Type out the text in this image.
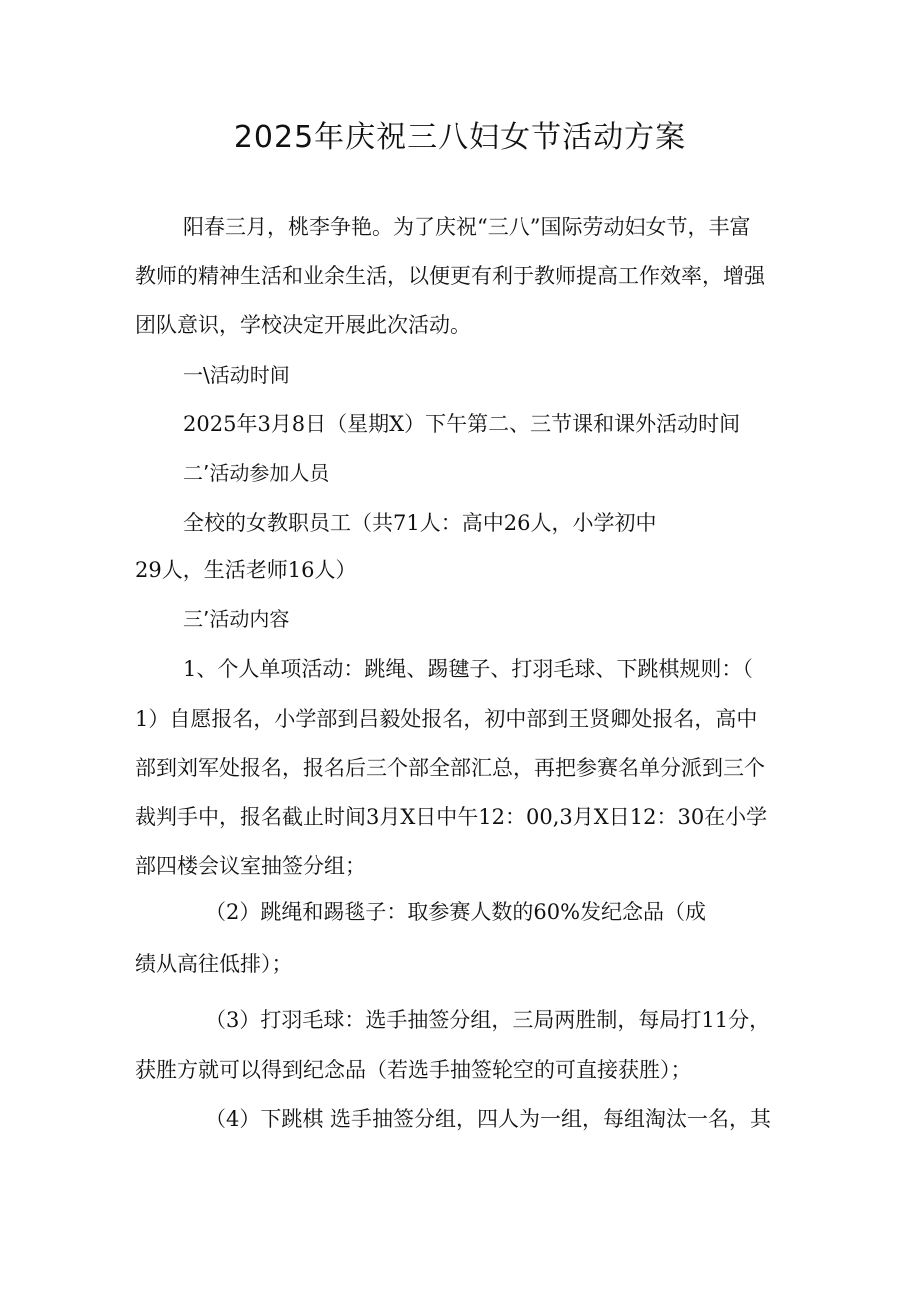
2025年庆祝三八妇女节活动方案

阳春三月，桃李争艳。为了庆祝“三八”国际劳动妇女节，丰富

教师的精神生活和业余生活，以便更有利于教师提高工作效率，增强

团队意识，学校决定开展此次活动。

一\活动时间

2025年3月8日（星期X）下午第二、三节课和课外活动时间

二’活动参加人员

全校的女教职员工（共71人：高中26人，小学初中

29人，生活老师16人）

三’活动内容

1、个人单项活动：跳绳、踢毽子、打羽毛球、下跳棋规则：（

1）自愿报名，小学部到吕毅处报名，初中部到王贤卿处报名，高中

部到刘军处报名，报名后三个部全部汇总，再把参赛名单分派到三个

裁判手中，报名截止时间3月X日中午12：00,3月X日12：30在小学

部四楼会议室抽签分组；

（2）跳绳和踢毯子：取参赛人数的60%发纪念品（成

绩从高往低排）；

（3）打羽毛球：选手抽签分组，三局两胜制，每局打11分，

获胜方就可以得到纪念品（若选手抽签轮空的可直接获胜）；

（4）下跳棋 选手抽签分组，四人为一组，每组淘汰一名，其
